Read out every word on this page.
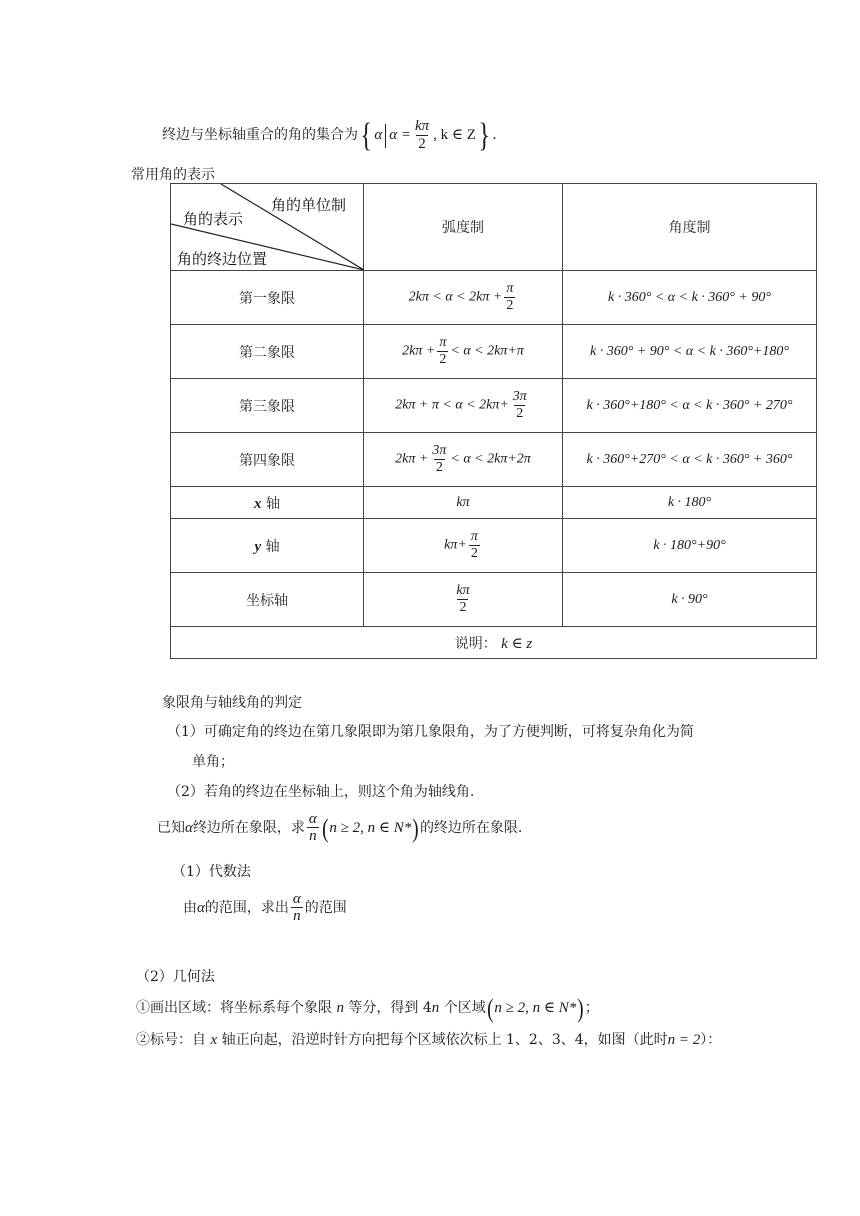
终边与坐标轴重合的角的集合为{ α $\alpha = \frac{k\pi}{2}$ , k ∈ Z} .
常用角的表示
角的单位制
角的表示
角的终边位置	弧度制	角度制
第一象限	$2k\pi < \alpha < 2k\pi + \frac{\pi}{2}$	k · 360° < α < k · 360° + 90°
第二象限	$2k\pi + \frac{\pi}{2} < \alpha < 2k\pi+\pi$	k · 360° + 90° < α < k · 360°+180°
第三象限	$2k\pi + \pi < \alpha < 2k\pi+ \frac{3\pi}{2}$	k · 360°+180° < α < k · 360° + 270°
第四象限	$2k\pi + \frac{3\pi}{2} < \alpha < 2k\pi+2\pi$	k · 360°+270° < α < k · 360° + 360°
x 轴	kπ	k · 180°
y 轴	$k\pi+ \frac{\pi}{2}$	k · 180°+90°
坐标轴	$\frac{k\pi}{2}$	k · 90°
说明： k ∈ z		
象限角与轴线角的判定
（1）可确定角的终边在第几象限即为第几象限角，为了方便判断，可将复杂角化为简
单角；
（2）若角的终边在坐标轴上，则这个角为轴线角.
已知α终边所在象限，求 $\frac{\alpha}{n} (n \ge 2$, n ∈ N*)的终边所在象限.
（1）代数法
由α的范围，求出 $\frac{\alpha}{n}$ 的范围
（2）几何法
①画出区域：将坐标系每个象限 n 等分，得到 4n 个区域(n ≥ 2, n ∈ N*)；
②标号：自 x 轴正向起，沿逆时针方向把每个区域依次标上 1、2、3、4，如图（此时n = 2）：
